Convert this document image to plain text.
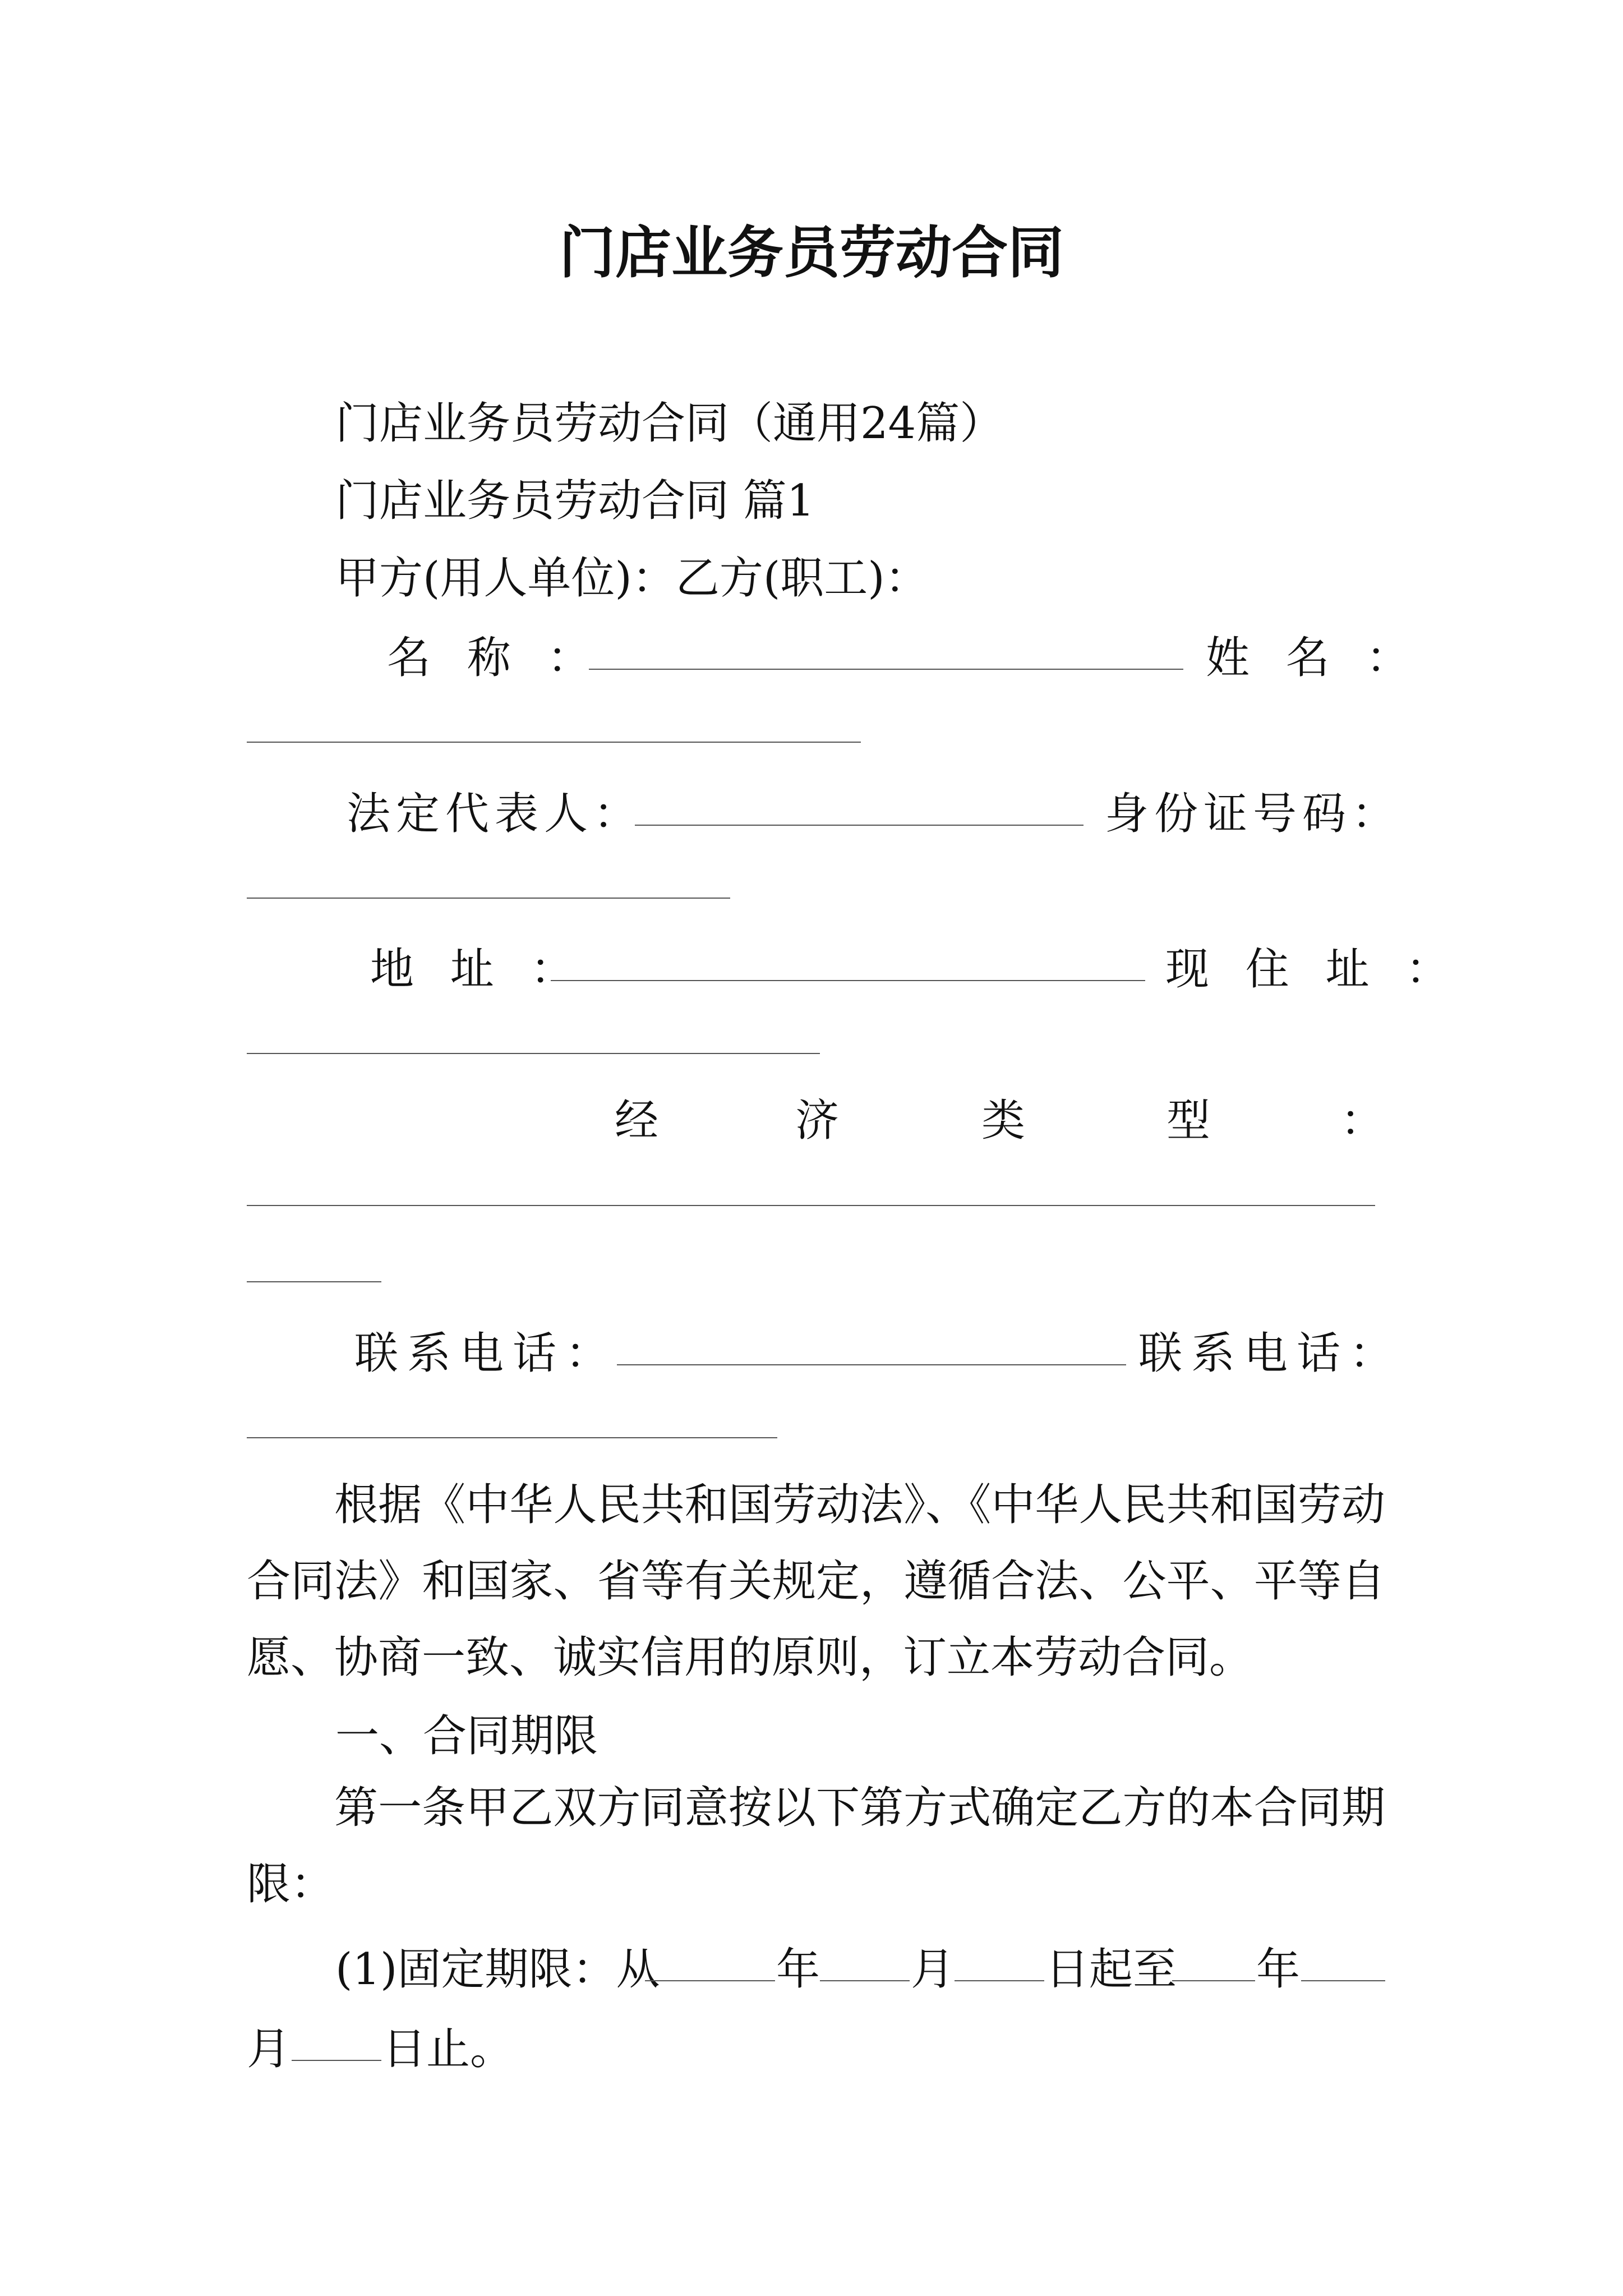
门店业务员劳动合同
门店业务员劳动合同（通用24篇）
门店业务员劳动合同 篇1
甲方(用人单位)：乙方(职工)：
名 称 ：	姓 名 ：
法定代表人：	身份证号码：
地 址 ：	现 住 址 ：
经	济	类	型	：
联系电话：	联系电话：
根据《中华人民共和国劳动法》、《中华人民共和国劳动合同法》和国家、省等有关规定，遵循合法、公平、平等自愿、协商一致、诚实信用的原则，订立本劳动合同。
一、合同期限
第一条甲乙双方同意按以下第方式确定乙方的本合同期限：
(1)固定期限：从	年 月 日起至 年
月 日止。
